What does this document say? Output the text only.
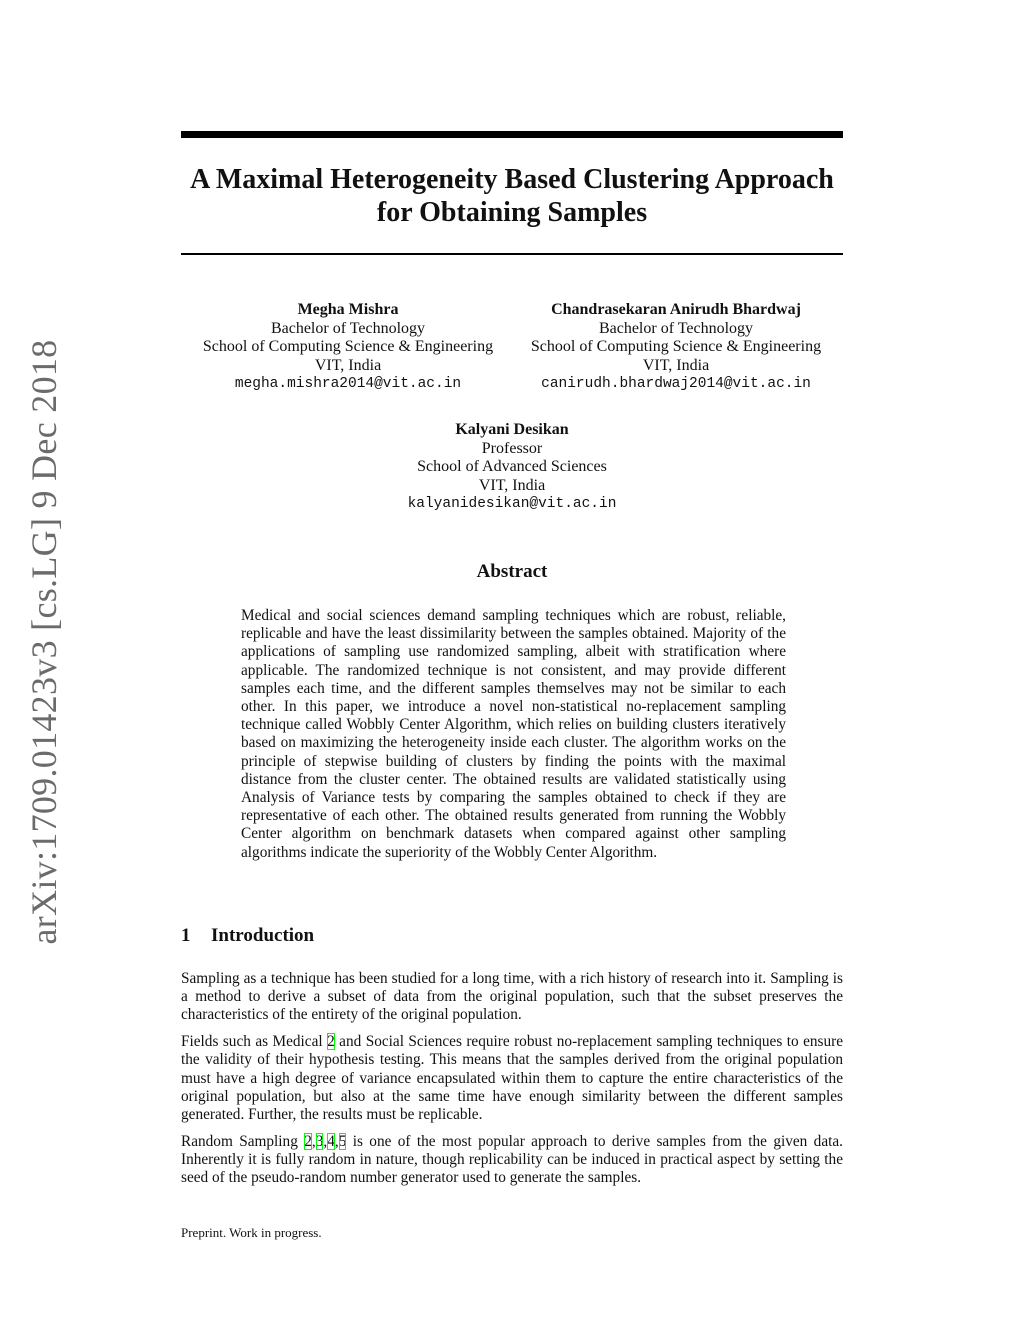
arXiv:1709.01423v3 [cs.LG] 9 Dec 2018
A Maximal Heterogeneity Based Clustering Approach
for Obtaining Samples
Megha Mishra
Bachelor of Technology
School of Computing Science & Engineering
VIT, India
megha.mishra2014@vit.ac.in
Chandrasekaran Anirudh Bhardwaj
Bachelor of Technology
School of Computing Science & Engineering
VIT, India
canirudh.bhardwaj2014@vit.ac.in
Kalyani Desikan
Professor
School of Advanced Sciences
VIT, India
kalyanidesikan@vit.ac.in
Abstract
Medical and social sciences demand sampling techniques which are robust, reliable, replicable and have the least dissimilarity between the samples obtained. Majority of the applications of sampling use randomized sampling, albeit with stratification where applicable. The randomized technique is not consistent, and may provide different samples each time, and the different samples themselves may not be similar to each other. In this paper, we introduce a novel non-statistical no-replacement sampling technique called Wobbly Center Algorithm, which relies on building clusters iteratively based on maximizing the heterogeneity inside each cluster. The algorithm works on the principle of stepwise building of clusters by finding the points with the maximal distance from the cluster center. The obtained results are validated statistically using Analysis of Variance tests by comparing the samples obtained to check if they are representative of each other. The obtained results generated from running the Wobbly Center algorithm on benchmark datasets when compared against other sampling algorithms indicate the superiority of the Wobbly Center Algorithm.
1 Introduction

Sampling as a technique has been studied for a long time, with a rich history of research into it. Sampling is a method to derive a subset of data from the original population, such that the subset preserves the characteristics of the entirety of the original population.

Fields such as Medical 2 and Social Sciences require robust no-replacement sampling techniques to ensure the validity of their hypothesis testing. This means that the samples derived from the original population must have a high degree of variance encapsulated within them to capture the entire characteristics of the original population, but also at the same time have enough similarity between the different samples generated. Further, the results must be replicable.

Random Sampling 2,3,4,5 is one of the most popular approach to derive samples from the given data. Inherently it is fully random in nature, though replicability can be induced in practical aspect by setting the seed of the pseudo-random number generator used to generate the samples.

Preprint. Work in progress.
